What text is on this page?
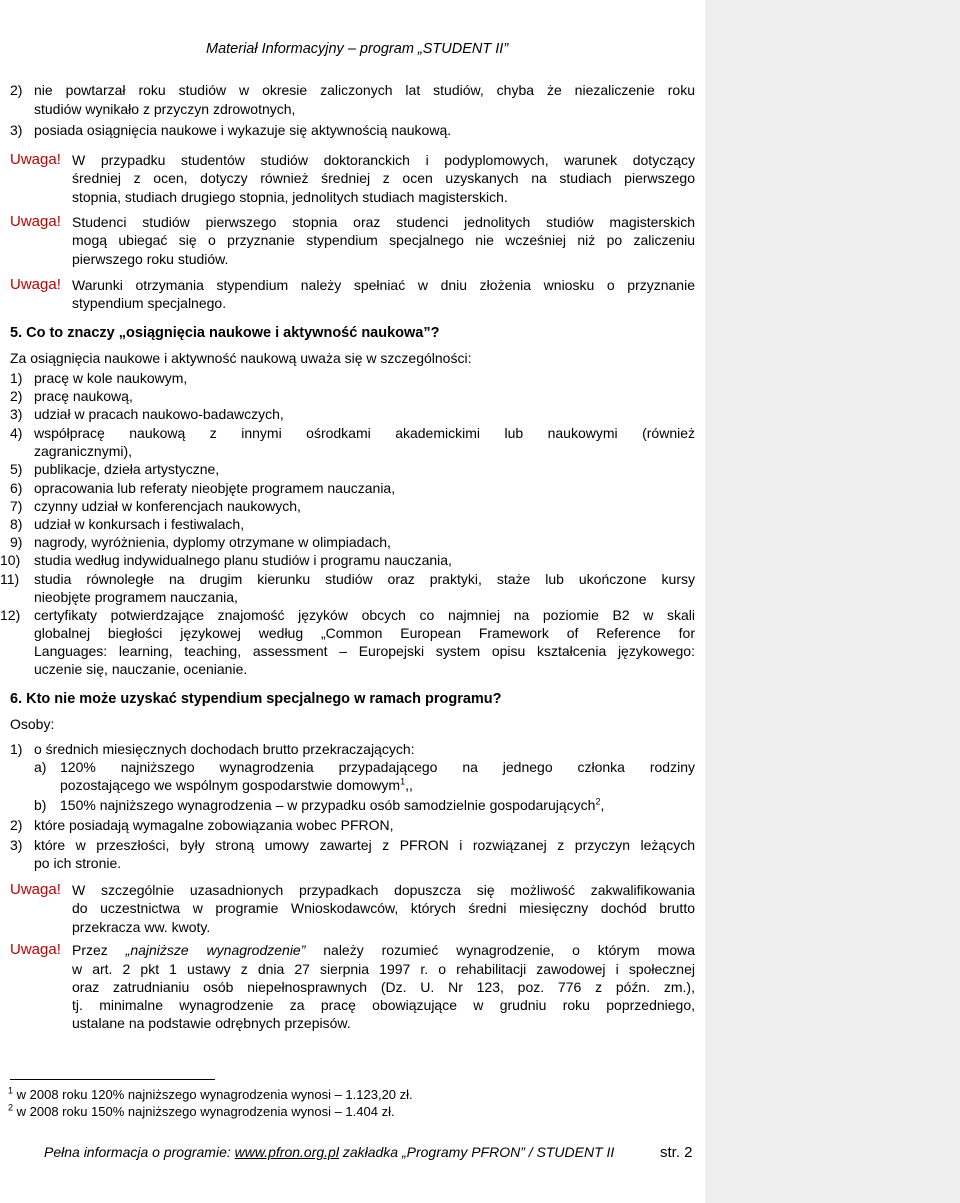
Materiał Informacyjny – program „STUDENT II”
2) nie powtarzał roku studiów w okresie zaliczonych lat studiów, chyba że niezaliczenie roku
studiów wynikało z przyczyn zdrowotnych,
3) posiada osiągnięcia naukowe i wykazuje się aktywnością naukową.
Uwaga! W przypadku studentów studiów doktoranckich i podyplomowych, warunek dotyczący
średniej z ocen, dotyczy również średniej z ocen uzyskanych na studiach pierwszego
stopnia, studiach drugiego stopnia, jednolitych studiach magisterskich.
Uwaga! Studenci studiów pierwszego stopnia oraz studenci jednolitych studiów magisterskich
mogą ubiegać się o przyznanie stypendium specjalnego nie wcześniej niż po zaliczeniu
pierwszego roku studiów.
Uwaga! Warunki otrzymania stypendium należy spełniać w dniu złożenia wniosku o przyznanie
stypendium specjalnego.
5. Co to znaczy „osiągnięcia naukowe i aktywność naukowa”?
Za osiągnięcia naukowe i aktywność naukową uważa się w szczególności:
1) pracę w kole naukowym,
2) pracę naukową,
3) udział w pracach naukowo-badawczych,
4) współpracę naukową z innymi ośrodkami akademickimi lub naukowymi (również
zagranicznymi),
5) publikacje, dzieła artystyczne,
6) opracowania lub referaty nieobjęte programem nauczania,
7) czynny udział w konferencjach naukowych,
8) udział w konkursach i festiwalach,
9) nagrody, wyróżnienia, dyplomy otrzymane w olimpiadach,
10) studia według indywidualnego planu studiów i programu nauczania,
11) studia równoległe na drugim kierunku studiów oraz praktyki, staże lub ukończone kursy
nieobjęte programem nauczania,
12) certyfikaty potwierdzające znajomość języków obcych co najmniej na poziomie B2 w skali
globalnej biegłości językowej według „Common European Framework of Reference for
Languages: learning, teaching, assessment – Europejski system opisu kształcenia językowego:
uczenie się, nauczanie, ocenianie.
6. Kto nie może uzyskać stypendium specjalnego w ramach programu?
Osoby:
1) o średnich miesięcznych dochodach brutto przekraczających:
a) 120% najniższego wynagrodzenia przypadającego na jednego członka rodziny
pozostającego we wspólnym gospodarstwie domowym$^1$,,
b) 150% najniższego wynagrodzenia – w przypadku osób samodzielnie gospodarujących$^2$,
2) które posiadają wymagalne zobowiązania wobec PFRON,
3) które w przeszłości, były stroną umowy zawartej z PFRON i rozwiązanej z przyczyn leżących
po ich stronie.
Uwaga! W szczególnie uzasadnionych przypadkach dopuszcza się możliwość zakwalifikowania
do uczestnictwa w programie Wnioskodawców, których średni miesięczny dochód brutto
przekracza ww. kwoty.
Uwaga! Przez „najniższe wynagrodzenie” należy rozumieć wynagrodzenie, o którym mowa
w art. 2 pkt 1 ustawy z dnia 27 sierpnia 1997 r. o rehabilitacji zawodowej i społecznej
oraz zatrudnianiu osób niepełnosprawnych (Dz. U. Nr 123, poz. 776 z późn. zm.),
tj. minimalne wynagrodzenie za pracę obowiązujące w grudniu roku poprzedniego,
ustalane na podstawie odrębnych przepisów.
$^1$ w 2008 roku 120% najniższego wynagrodzenia wynosi – 1.123,20 zł.
$^2$ w 2008 roku 150% najniższego wynagrodzenia wynosi – 1.404 zł.
Pełna informacja o programie: www.pfron.org.pl zakładka „Programy PFRON” / STUDENT II	str. 2
